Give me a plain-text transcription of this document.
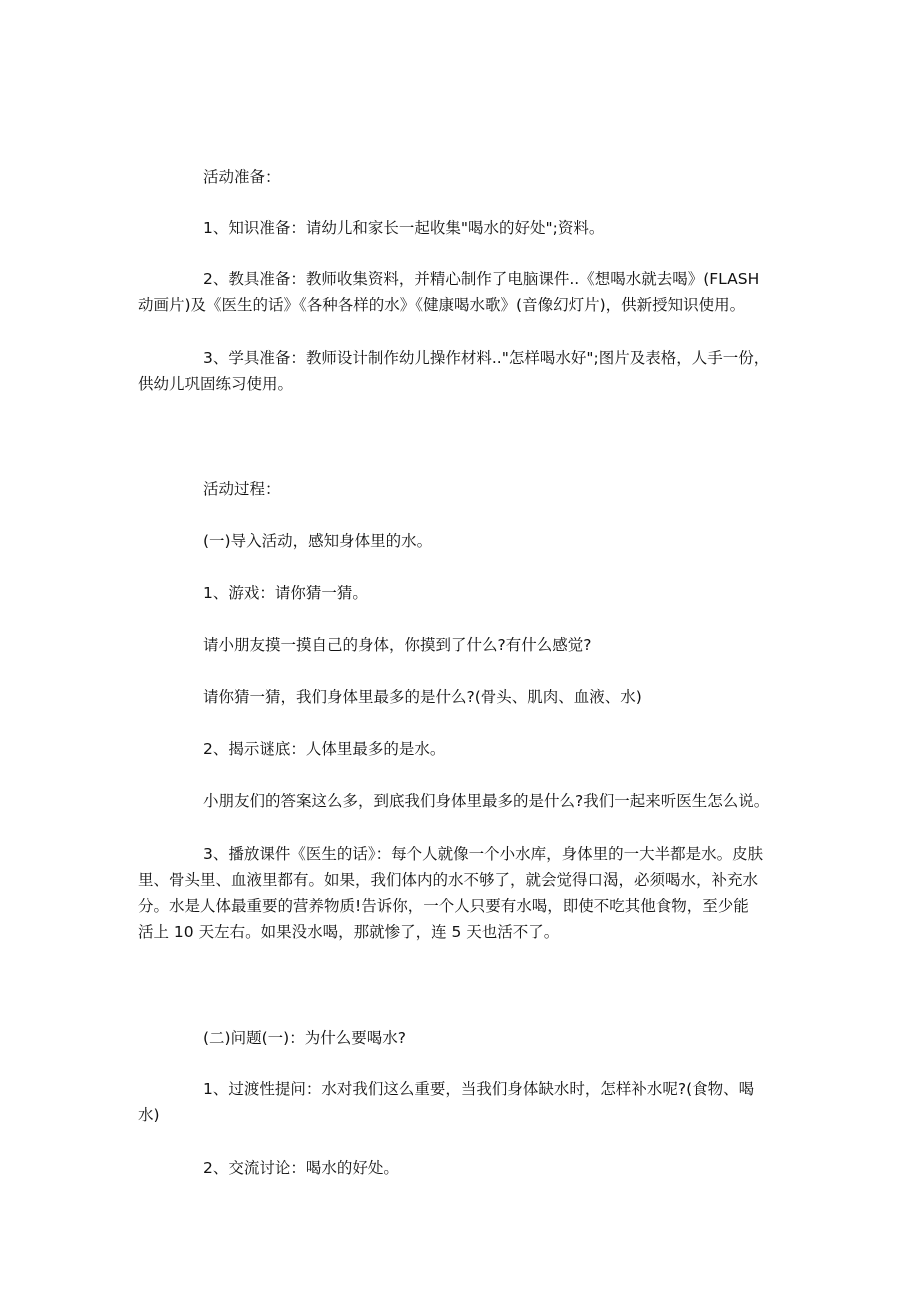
活动准备：

1、知识准备：请幼儿和家长一起收集"喝水的好处";资料。

2、教具准备：教师收集资料，并精心制作了电脑课件..《想喝水就去喝》(FLASH
动画片)及《医生的话》《各种各样的水》《健康喝水歌》(音像幻灯片)，供新授知识使用。

3、学具准备：教师设计制作幼儿操作材料.."怎样喝水好";图片及表格，人手一份，
供幼儿巩固练习使用。

活动过程：

(一)导入活动，感知身体里的水。

1、游戏：请你猜一猜。

请小朋友摸一摸自己的身体，你摸到了什么?有什么感觉?

请你猜一猜，我们身体里最多的是什么?(骨头、肌肉、血液、水)

2、揭示谜底：人体里最多的是水。

小朋友们的答案这么多，到底我们身体里最多的是什么?我们一起来听医生怎么说。

3、播放课件《医生的话》：每个人就像一个小水库，身体里的一大半都是水。皮肤
里、骨头里、血液里都有。如果，我们体内的水不够了，就会觉得口渴，必须喝水，补充水
分。水是人体最重要的营养物质!告诉你，一个人只要有水喝，即使不吃其他食物，至少能
活上 10 天左右。如果没水喝，那就惨了，连 5 天也活不了。

(二)问题(一)：为什么要喝水?

1、过渡性提问：水对我们这么重要，当我们身体缺水时，怎样补水呢?(食物、喝
水)

2、交流讨论：喝水的好处。
